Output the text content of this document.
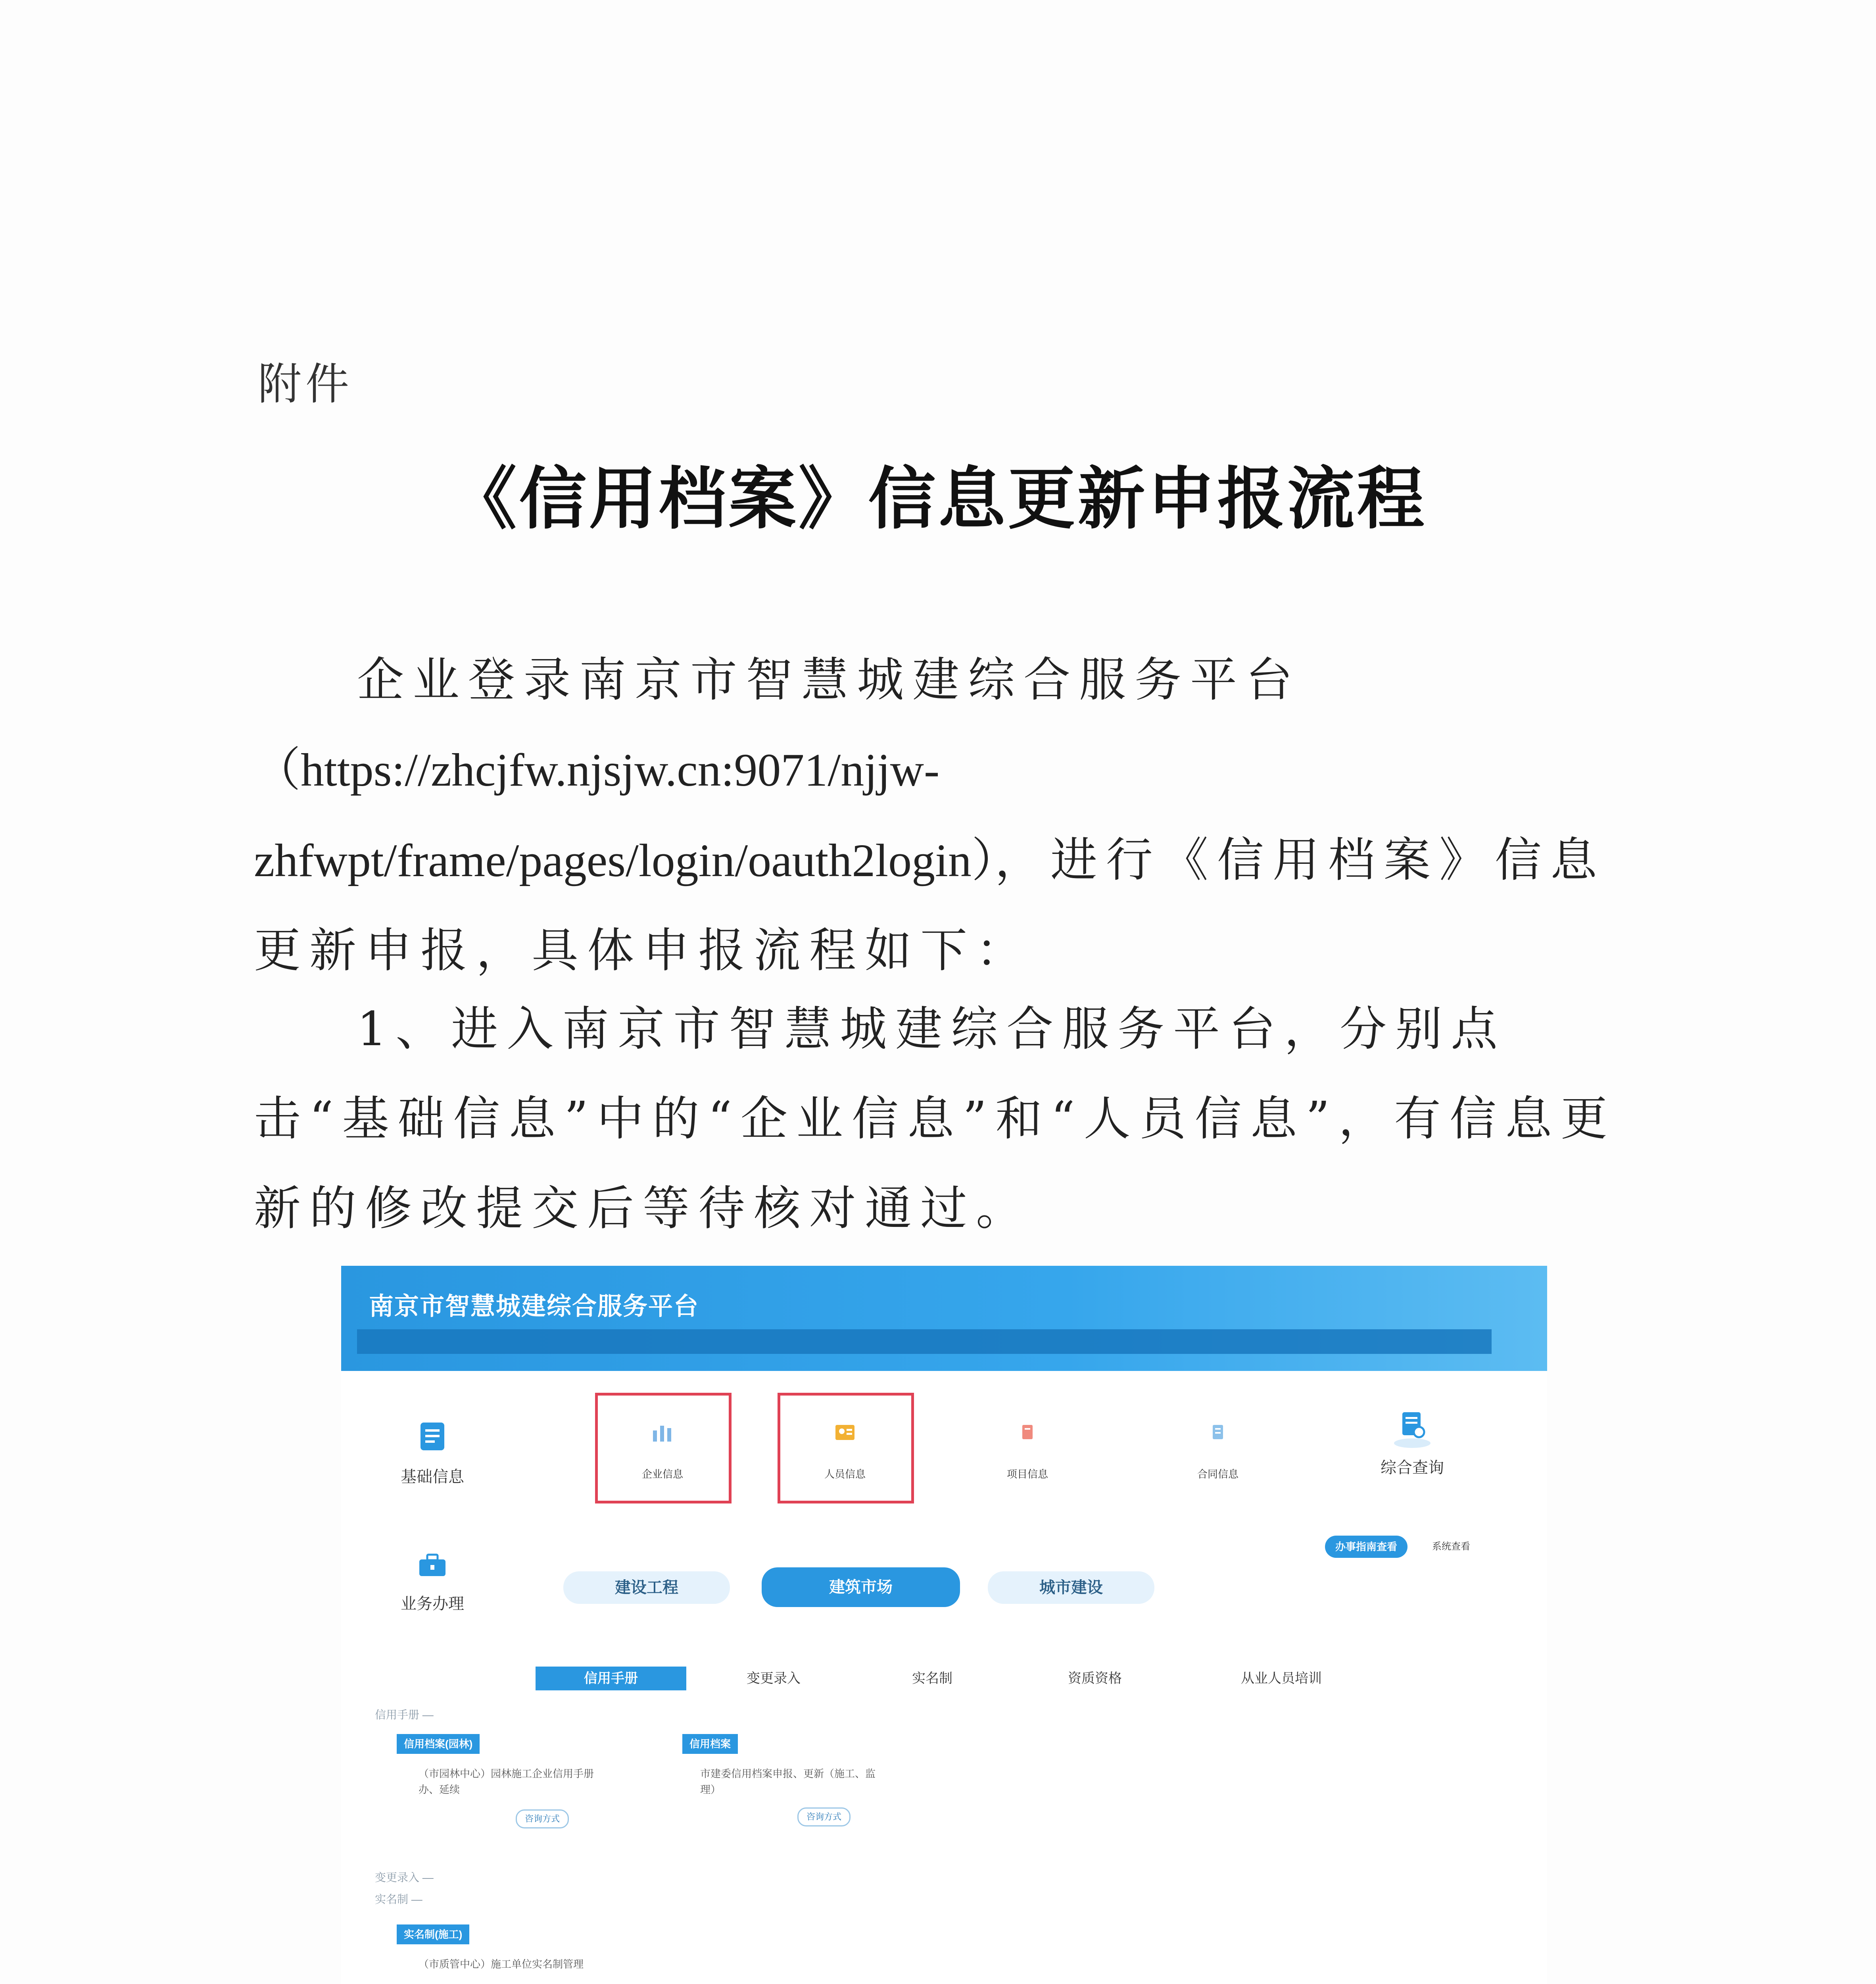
附件
《信用档案》信息更新申报流程
企业登录南京市智慧城建综合服务平台（https://zhcjfw.njsjw.cn:9071/njjw-zhfwpt/frame/pages/login/oauth2login），进行《信用档案》信息更新申报，具体申报流程如下：
1、进入南京市智慧城建综合服务平台，分别点击“基础信息”中的“企业信息”和“人员信息”，有信息更新的修改提交后等待核对通过。
南京市智慧城建综合服务平台
基础信息	企业信息	人员信息	项目信息	合同信息	综合查询
办事指南查看	系统查看
业务办理
建设工程	建筑市场	城市建设
信用手册	变更录入	实名制	资质资格	从业人员培训
信用手册 —
信用档案(园林)
（市园林中心）园林施工企业信用手册办、延续
咨询方式
信用档案
市建委信用档案申报、更新（施工、监理）
咨询方式
变更录入 —
实名制 —
实名制(施工)
（市质管中心）施工单位实名制管理
